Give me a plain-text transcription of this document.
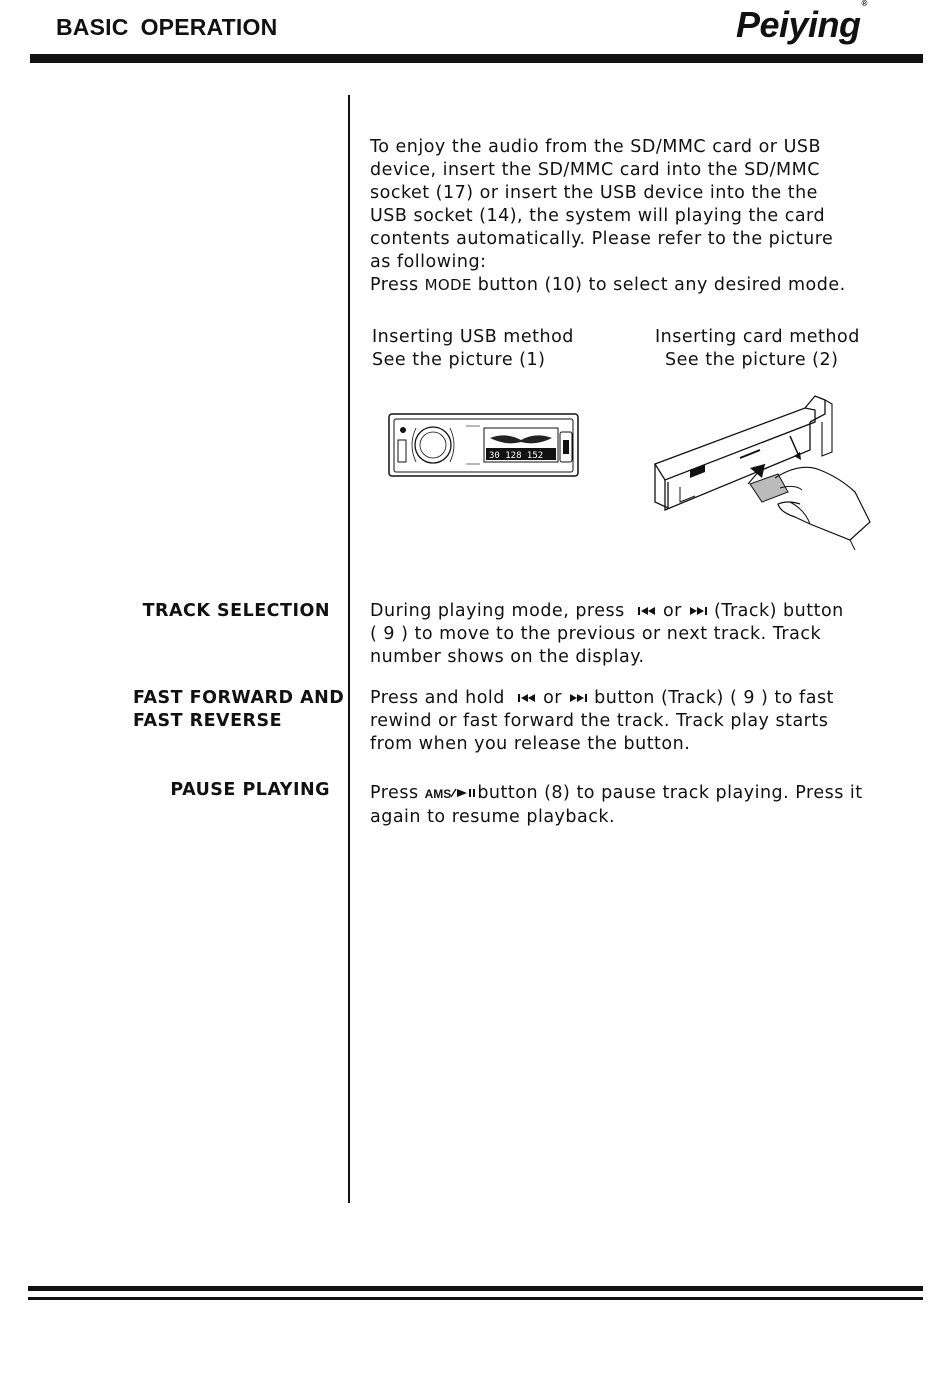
BASIC OPERATION	Peiying®
To enjoy the audio from the SD/MMC card or USB
device, insert the SD/MMC card into the SD/MMC
socket (17) or insert the USB device into the the
USB socket (14), the system will playing the card
contents automatically. Please refer to the picture
as following:
Press MODE button (10) to select any desired mode.
Inserting USB method
See the picture (1)
Inserting card method
See the picture (2)
30 128 152
TRACK SELECTION During playing mode, press or (Track) button
( 9 ) to move to the previous or next track. Track
number shows on the display.
FAST FORWARD AND
FAST REVERSE
Press and hold or button (Track) ( 9 ) to fast
rewind or fast forward the track. Track play starts
from when you release the button.
PAUSE PLAYING Press AMS button (8) to pause track playing. Press it
again to resume playback.
